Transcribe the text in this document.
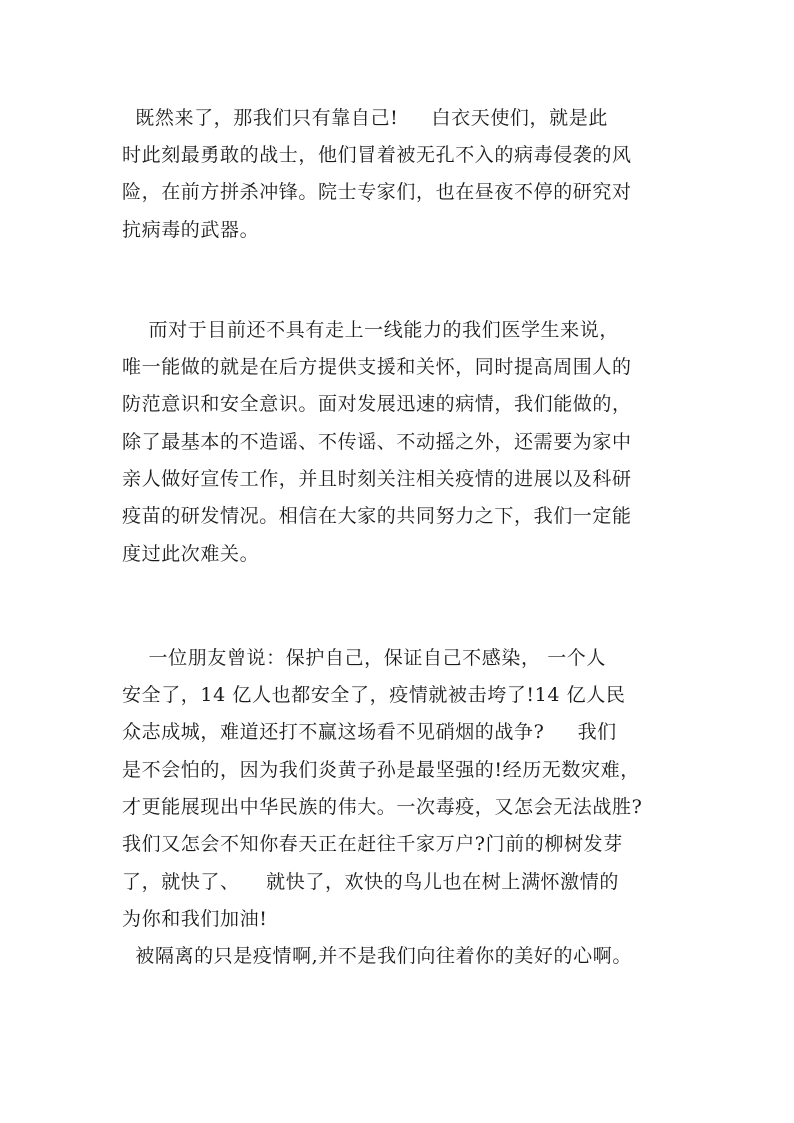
既然来了，那我们只有靠自己!     白衣天使们，就是此
时此刻最勇敢的战士，他们冒着被无孔不入的病毒侵袭的风
险，在前方拼杀冲锋。院士专家们，也在昼夜不停的研究对
抗病毒的武器。
而对于目前还不具有走上一线能力的我们医学生来说，
唯一能做的就是在后方提供支援和关怀，同时提高周围人的
防范意识和安全意识。面对发展迅速的病情，我们能做的，
除了最基本的不造谣、不传谣、不动摇之外，还需要为家中
亲人做好宣传工作，并且时刻关注相关疫情的进展以及科研
疫苗的研发情况。相信在大家的共同努力之下，我们一定能
度过此次难关。
一位朋友曾说：保护自己，保证自己不感染， 一个人
安全了，14 亿人也都安全了，疫情就被击垮了!14 亿人民
众志成城，难道还打不赢这场看不见硝烟的战争?     我们
是不会怕的，因为我们炎黄子孙是最坚强的!经历无数灾难，
才更能展现出中华民族的伟大。一次毒疫，又怎会无法战胜?
我们又怎会不知你春天正在赶往千家万户?门前的柳树发芽
了，就快了、    就快了，欢快的鸟儿也在树上满怀激情的
为你和我们加油!
被隔离的只是疫情啊,并不是我们向往着你的美好的心啊。
